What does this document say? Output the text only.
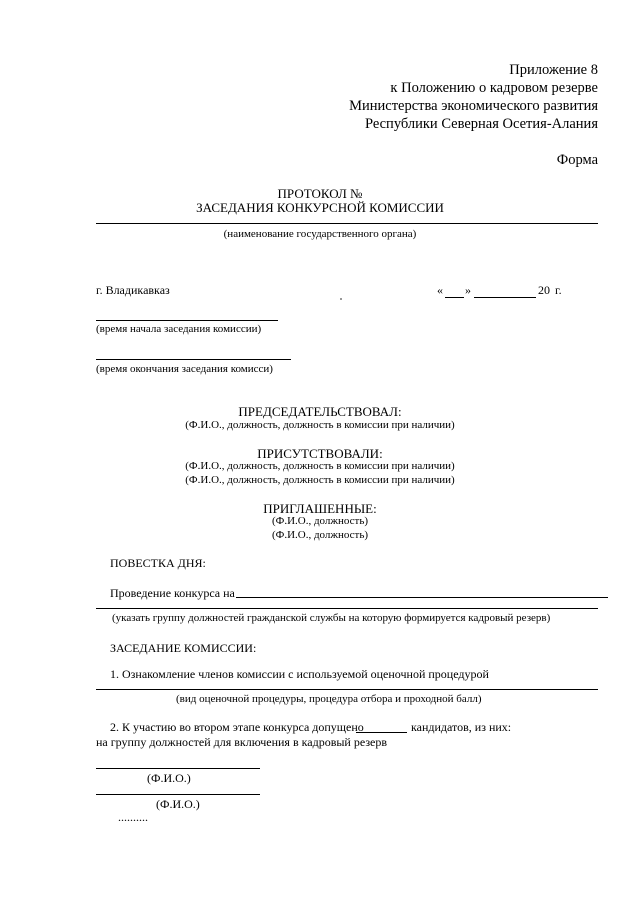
Приложение 8
к Положению о кадровом резерве
Министерства экономического развития
Республики Северная Осетия-Алания
Форма
ПРОТОКОЛ №
ЗАСЕДАНИЯ КОНКУРСНОЙ КОМИССИИ
(наименование государственного органа)
г. Владикавказ	« »	20 г.
(время начала заседания комиссии)
(время окончания заседания комисси)
ПРЕДСЕДАТЕЛЬСТВОВАЛ:
(Ф.И.О., должность, должность в комиссии при наличии)
ПРИСУТСТВОВАЛИ:
(Ф.И.О., должность, должность в комиссии при наличии)
(Ф.И.О., должность, должность в комиссии при наличии)
ПРИГЛАШЕННЫЕ:
(Ф.И.О., должность)
(Ф.И.О., должность)
ПОВЕСТКА ДНЯ:
Проведение конкурса на
(указать группу должностей гражданской службы на которую формируется кадровый резерв)
ЗАСЕДАНИЕ КОМИССИИ:
1. Ознакомление членов комиссии с используемой оценочной процедурой
(вид оценочной процедуры, процедура отбора и проходной балл)
2. К участию во втором этапе конкурса допущено	кандидатов, из них:
на группу должностей для включения в кадровый резерв
(Ф.И.О.)
(Ф.И.О.)
..........
